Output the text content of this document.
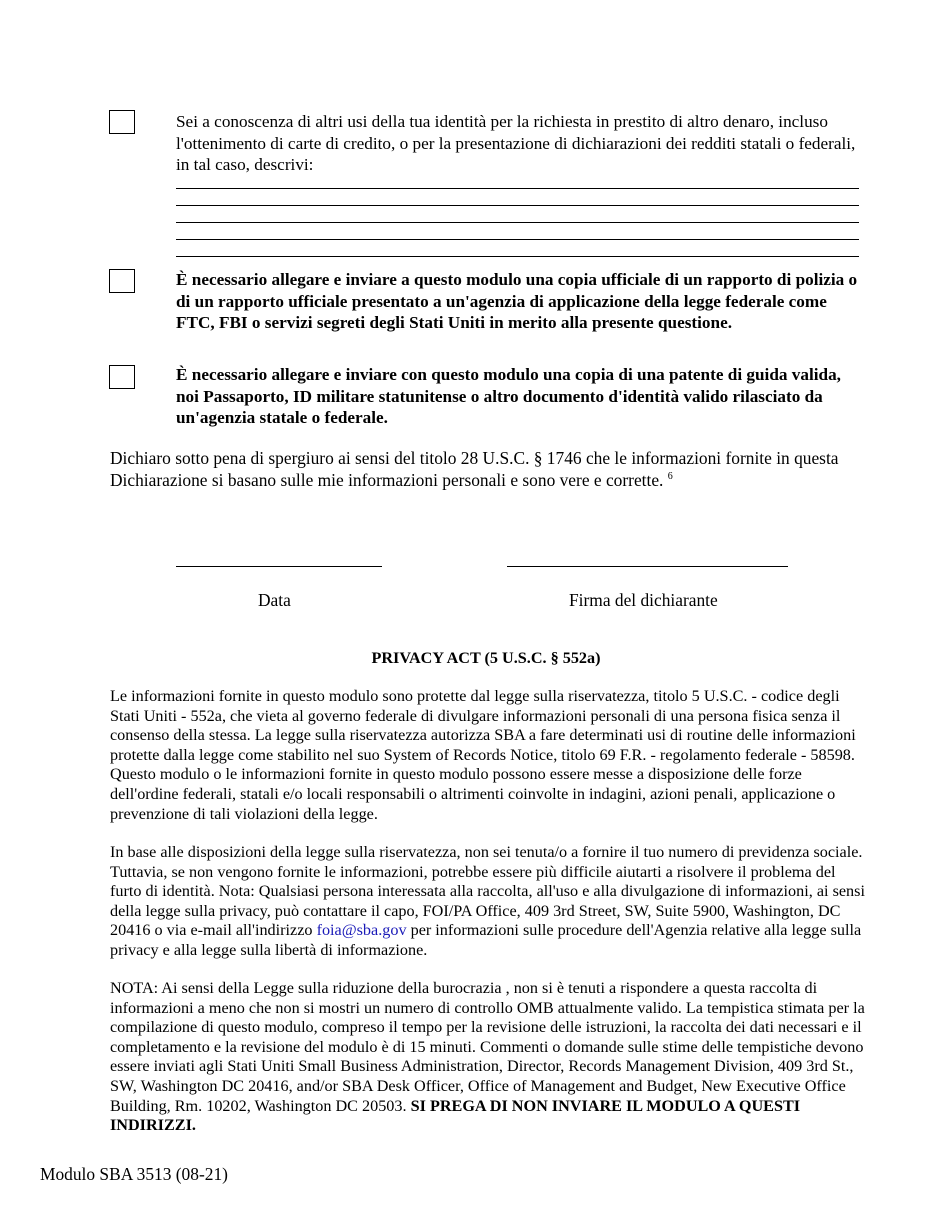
Sei a conoscenza di altri usi della tua identità per la richiesta in prestito di altro denaro, incluso l'ottenimento di carte di credito, o per la presentazione di dichiarazioni dei redditi statali o federali, in tal caso, descrivi:
È necessario allegare e inviare a questo modulo una copia ufficiale di un rapporto di polizia o di un rapporto ufficiale presentato a un'agenzia di applicazione della legge federale come FTC, FBI o servizi segreti degli Stati Uniti in merito alla presente questione.
È necessario allegare e inviare con questo modulo una copia di una patente di guida valida, noi Passaporto, ID militare statunitense o altro documento d'identità valido rilasciato da un'agenzia statale o federale.
Dichiaro sotto pena di spergiuro ai sensi del titolo 28 U.S.C. § 1746 che le informazioni fornite in questa Dichiarazione si basano sulle mie informazioni personali e sono vere e corrette. $^6$
Data	Firma del dichiarante
PRIVACY ACT (5 U.S.C. § 552a)
Le informazioni fornite in questo modulo sono protette dal legge sulla riservatezza, titolo 5 U.S.C. - codice degli Stati Uniti - 552a, che vieta al governo federale di divulgare informazioni personali di una persona fisica senza il consenso della stessa. La legge sulla riservatezza autorizza SBA a fare determinati usi di routine delle informazioni protette dalla legge come stabilito nel suo System of Records Notice, titolo 69 F.R. - regolamento federale - 58598. Questo modulo o le informazioni fornite in questo modulo possono essere messe a disposizione delle forze dell'ordine federali, statali e/o locali responsabili o altrimenti coinvolte in indagini, azioni penali, applicazione o prevenzione di tali violazioni della legge.
In base alle disposizioni della legge sulla riservatezza, non sei tenuta/o a fornire il tuo numero di previdenza sociale. Tuttavia, se non vengono fornite le informazioni, potrebbe essere più difficile aiutarti a risolvere il problema del furto di identità. Nota: Qualsiasi persona interessata alla raccolta, all'uso e alla divulgazione di informazioni, ai sensi della legge sulla privacy, può contattare il capo, FOI/PA Office, 409 3rd Street, SW, Suite 5900, Washington, DC 20416 o via e-mail all'indirizzo foia@sba.gov per informazioni sulle procedure dell'Agenzia relative alla legge sulla privacy e alla legge sulla libertà di informazione.
NOTA: Ai sensi della Legge sulla riduzione della burocrazia , non si è tenuti a rispondere a questa raccolta di informazioni a meno che non si mostri un numero di controllo OMB attualmente valido. La tempistica stimata per la compilazione di questo modulo, compreso il tempo per la revisione delle istruzioni, la raccolta dei dati necessari e il completamento e la revisione del modulo è di 15 minuti. Commenti o domande sulle stime delle tempistiche devono essere inviati agli Stati Uniti Small Business Administration, Director, Records Management Division, 409 3rd St., SW, Washington DC 20416, and/or SBA Desk Officer, Office of Management and Budget, New Executive Office Building, Rm. 10202, Washington DC 20503. SI PREGA DI NON INVIARE IL MODULO A QUESTI INDIRIZZI.
Modulo SBA 3513 (08-21)
